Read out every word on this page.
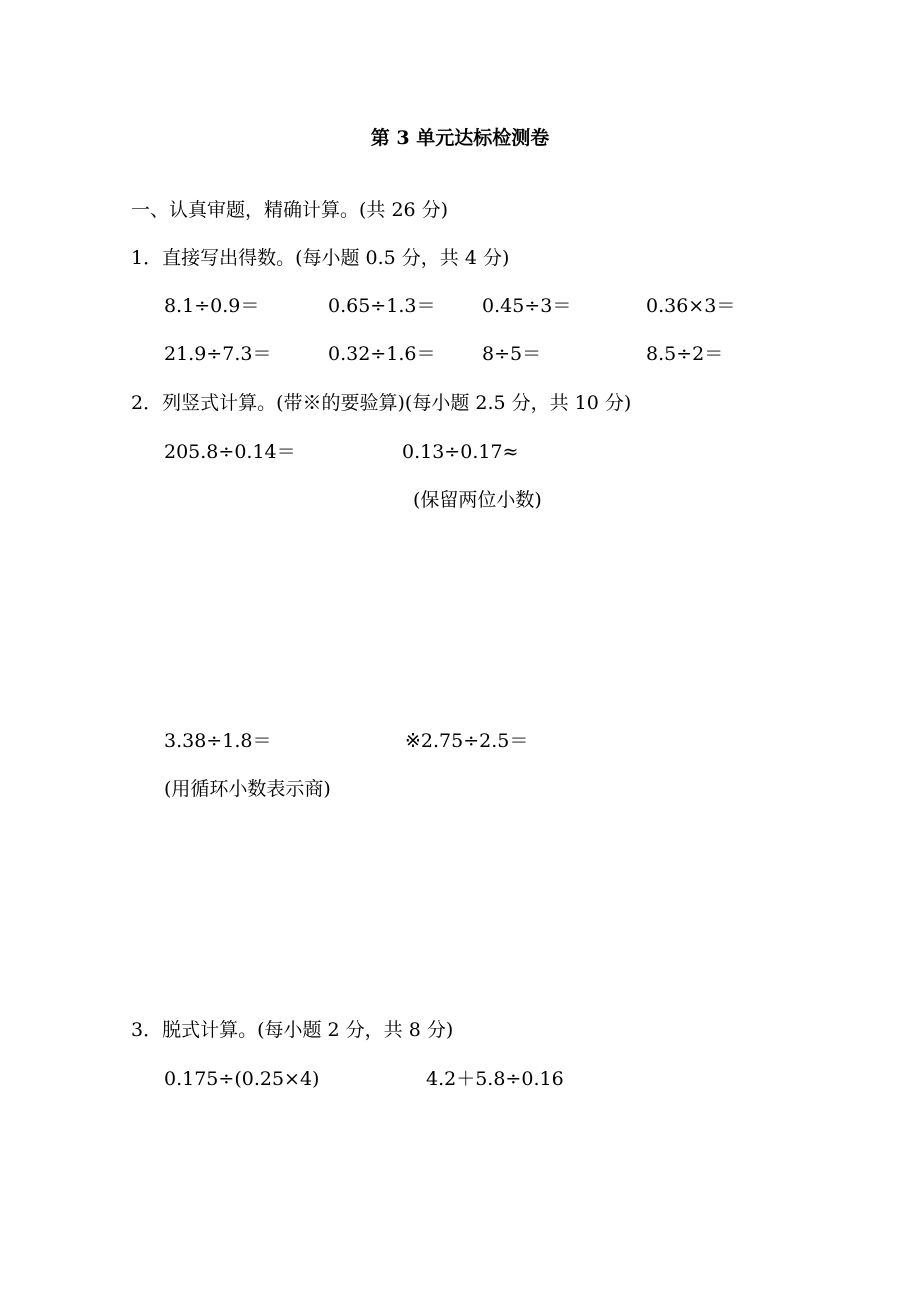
第 3 单元达标检测卷
一、认真审题，精确计算。(共 26 分)
1．直接写出得数。(每小题 0.5 分，共 4 分)
8.1÷0.9＝	0.65÷1.3＝ 0.45÷3＝	0.36×3＝
21.9÷7.3＝	0.32÷1.6＝ 8÷5＝	8.5÷2＝
2．列竖式计算。(带※的要验算)(每小题 2.5 分，共 10 分)
205.8÷0.14＝	0.13÷0.17≈
(保留两位小数)
3.38÷1.8＝	※2.75÷2.5＝
(用循环小数表示商)
3．脱式计算。(每小题 2 分，共 8 分)
0.175÷(0.25×4)	4.2＋5.8÷0.16
